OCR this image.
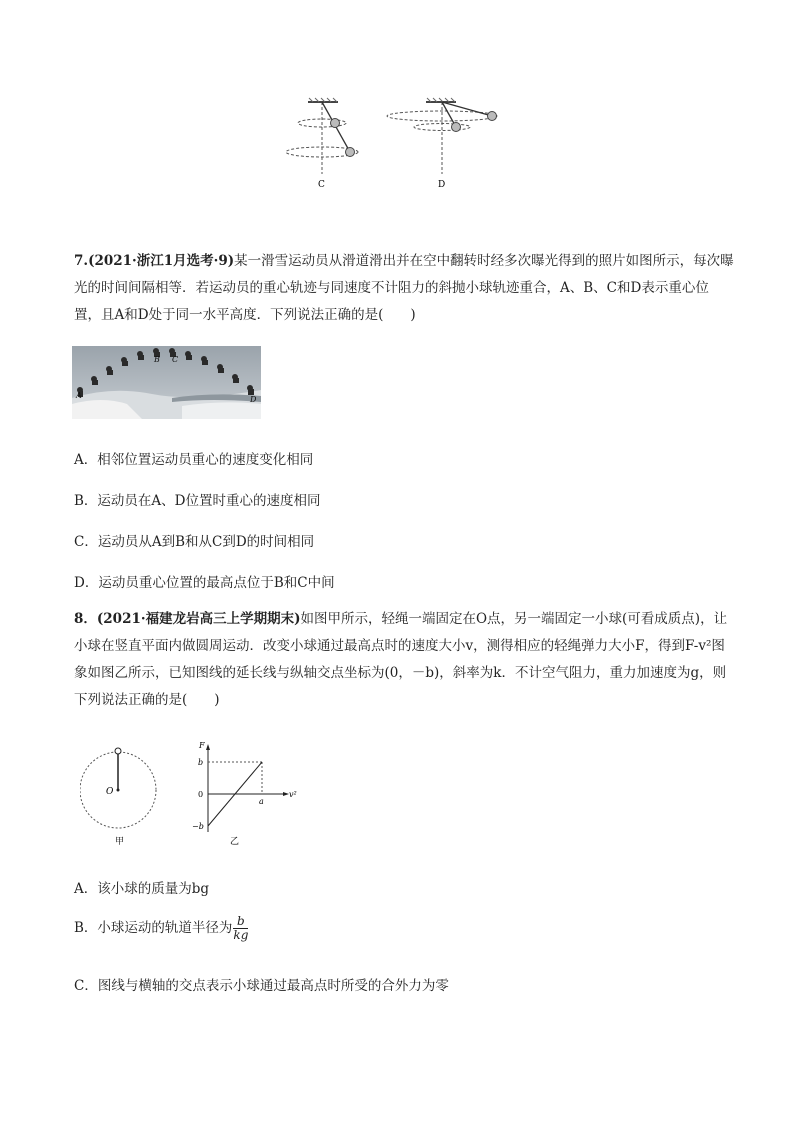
C	D
7.(2021·浙江1月选考·9)某一滑雪运动员从滑道滑出并在空中翻转时经多次曝光得到的照片如图所示，每次曝光的时间间隔相等．若运动员的重心轨迹与同速度不计阻力的斜抛小球轨迹重合，A、B、C和D表示重心位置，且A和D处于同一水平高度．下列说法正确的是(　　)
A
B C
D
A．相邻位置运动员重心的速度变化相同
B．运动员在A、D位置时重心的速度相同
C．运动员从A到B和从C到D的时间相同
D．运动员重心位置的最高点位于B和C中间
8．(2021·福建龙岩高三上学期期末)如图甲所示，轻绳一端固定在O点，另一端固定一小球(可看成质点)，让小球在竖直平面内做圆周运动．改变小球通过最高点时的速度大小v，测得相应的轻绳弹力大小F，得到F-v²图象如图乙所示，已知图线的延长线与纵轴交点坐标为(0，－b)，斜率为k．不计空气阻力，重力加速度为g，则下列说法正确的是(　　)
O
甲
F
v²
b
0
−b
a
乙
A．该小球的质量为bg
B．小球运动的轨道半径为 $\frac{b}{kg}$
C．图线与横轴的交点表示小球通过最高点时所受的合外力为零
